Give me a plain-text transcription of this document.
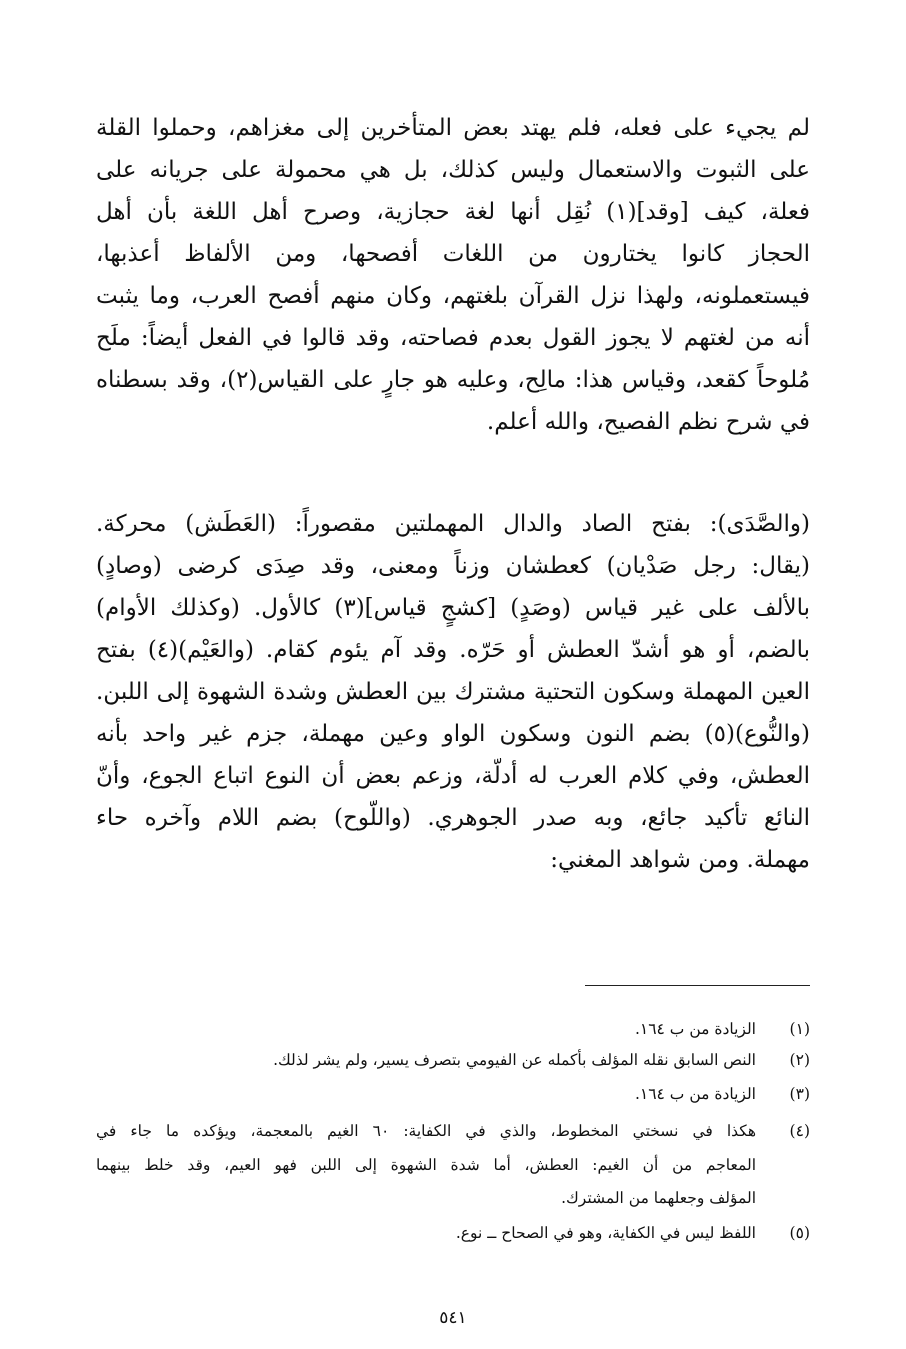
لم يجيء على فعله، فلم يهتد بعض المتأخرين إلى مغزاهم، وحملوا القلة
على الثبوت والاستعمال وليس كذلك، بل هي محمولة على جريانه على
فعلة، كيف [وقد](١) نُقِل أنها لغة حجازية، وصرح أهل اللغة بأن أهل
الحجاز كانوا يختارون من اللغات أفصحها، ومن الألفاظ أعذبها،
فيستعملونه، ولهذا نزل القرآن بلغتهم، وكان منهم أفصح العرب، وما يثبت
أنه من لغتهم لا يجوز القول بعدم فصاحته، وقد قالوا في الفعل أيضاً: ملَح
مُلوحاً كقعد، وقياس هذا: مالِح، وعليه هو جارٍ على القياس(٢)، وقد بسطناه
في شرح نظم الفصيح، والله أعلم.
(والصَّدَى): بفتح الصاد والدال المهملتين مقصوراً: (العَطَش) محركة.
(يقال: رجل صَدْيان) كعطشان وزناً ومعنى، وقد صِدَى كرضى (وصادٍ)
بالألف على غير قياس (وصَدٍ) [كشجٍ قياس](٣) كالأول. (وكذلك الأوام)
بالضم، أو هو أشدّ العطش أو حَرّه. وقد آم يئوم كقام. (والعَيْم)(٤) بفتح
العين المهملة وسكون التحتية مشترك بين العطش وشدة الشهوة إلى اللبن.
(والنُّوع)(٥) بضم النون وسكون الواو وعين مهملة، جزم غير واحد بأنه
العطش، وفي كلام العرب له أدلّة، وزعم بعض أن النوع اتباع الجوع، وأنّ
النائع تأكيد جائع، وبه صدر الجوهري. (واللُّوح) بضم اللام وآخره حاء
مهملة. ومن شواهد المغني:
(١)
الزيادة من ب ١٦٤.
(٢)
النص السابق نقله المؤلف بأكمله عن الفيومي بتصرف يسير، ولم يشر لذلك.
(٣)
الزيادة من ب ١٦٤.
(٤)
هكذا في نسختي المخطوط، والذي في الكفاية: ٦٠ الغيم بالمعجمة، ويؤكده ما جاء في
المعاجم من أن الغيم: العطش، أما شدة الشهوة إلى اللبن فهو العيم، وقد خلط بينهما
المؤلف وجعلهما من المشترك.
(٥)
اللفظ ليس في الكفاية، وهو في الصحاح ــ نوع.
٥٤١
